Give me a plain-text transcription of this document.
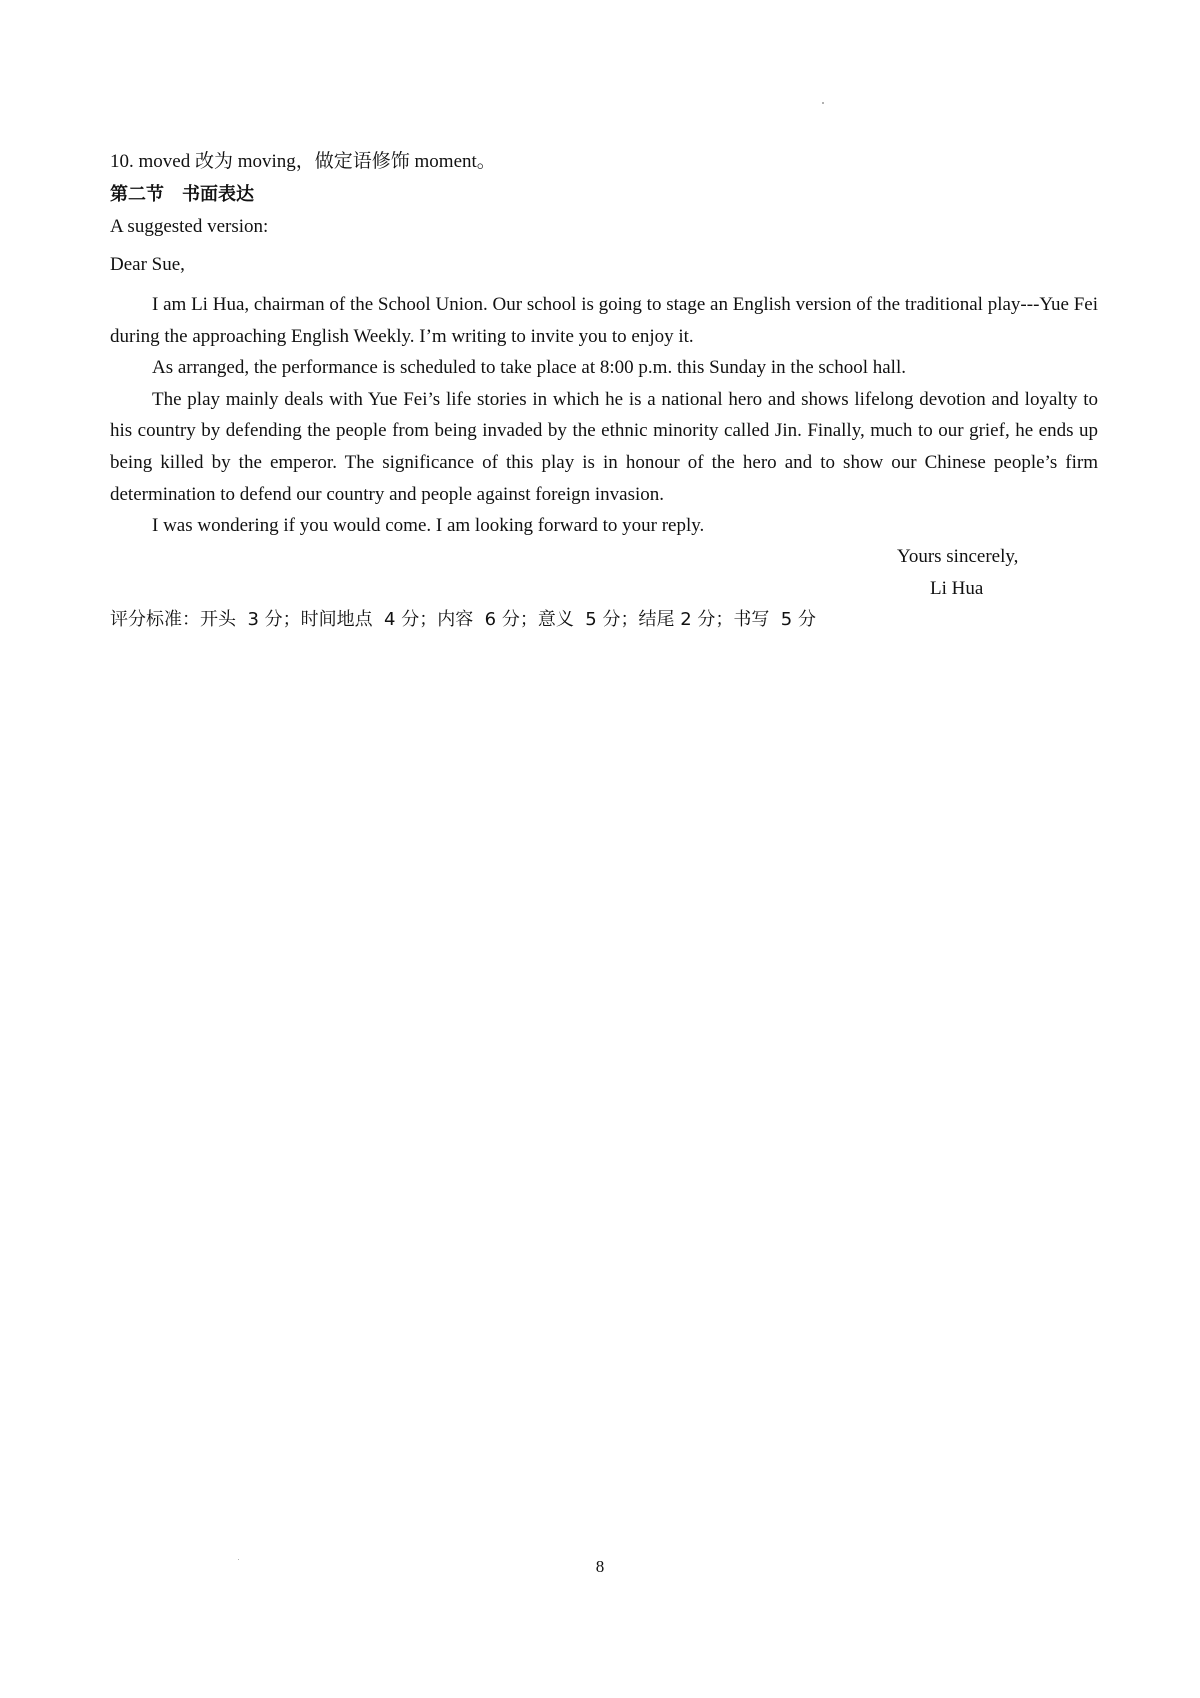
10. moved 改为 moving，做定语修饰 moment。
第二节　书面表达
A suggested version:
Dear Sue,

I am Li Hua, chairman of the School Union. Our school is going to stage an English version of the traditional play---Yue Fei during the approaching English Weekly. I’m writing to invite you to enjoy it.

As arranged, the performance is scheduled to take place at 8:00 p.m. this Sunday in the school hall.

The play mainly deals with Yue Fei’s life stories in which he is a national hero and shows lifelong devotion and loyalty to his country by defending the people from being invaded by the ethnic minority called Jin. Finally, much to our grief, he ends up being killed by the emperor. The significance of this play is in honour of the hero and to show our Chinese people’s firm determination to defend our country and people against foreign invasion.

I was wondering if you would come. I am looking forward to your reply.

Yours sincerely,
Li Hua
评分标准：开头  3 分；时间地点  4 分；内容  6 分；意义  5 分；结尾 2 分；书写  5 分
8
